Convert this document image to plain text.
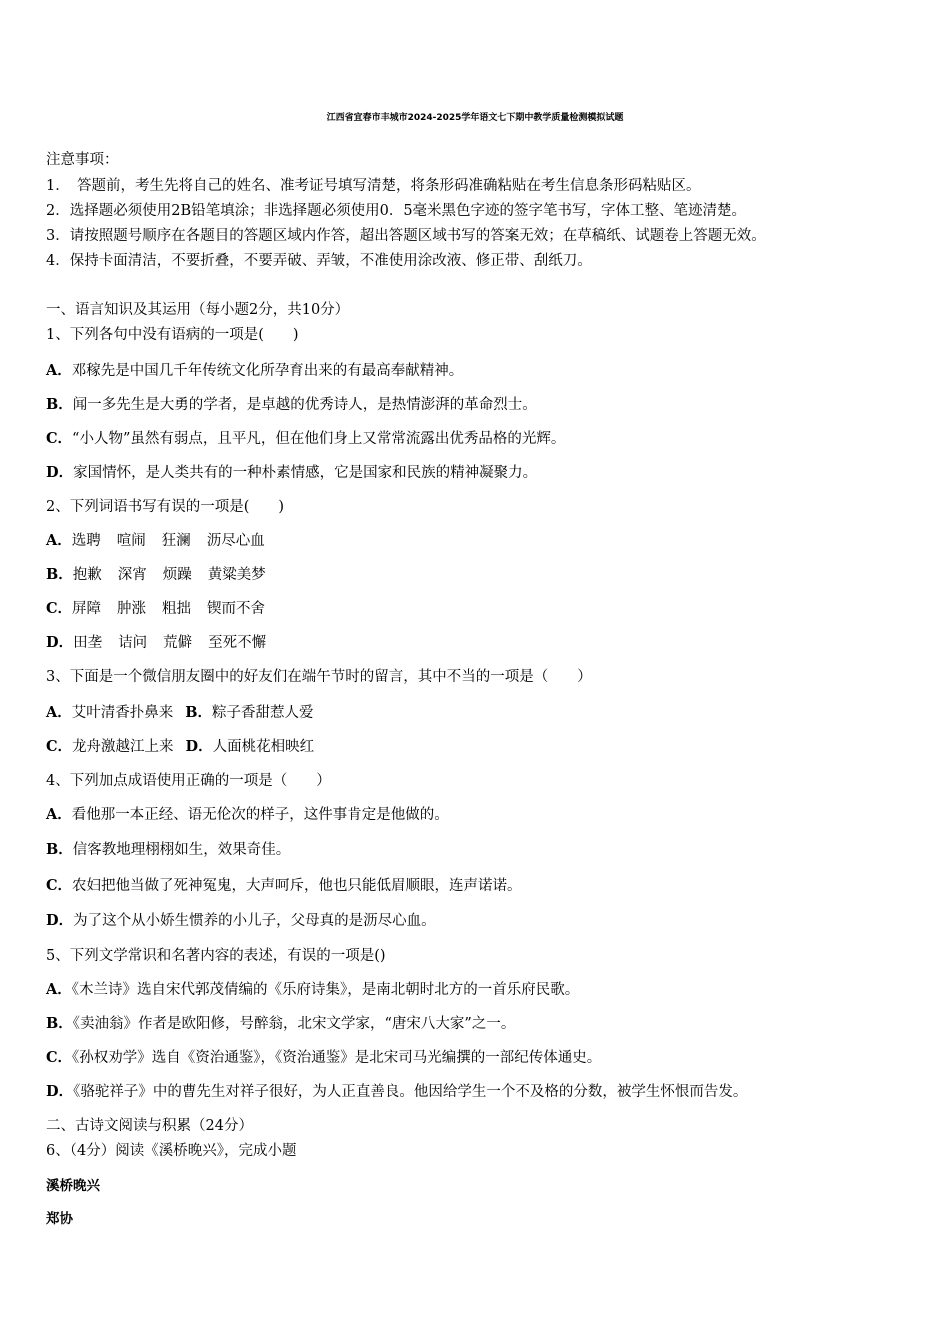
江西省宜春市丰城市2024-2025学年语文七下期中教学质量检测模拟试题
注意事项：
1．　答题前，考生先将自己的姓名、准考证号填写清楚，将条形码准确粘贴在考生信息条形码粘贴区。
2．选择题必须使用2B铅笔填涂；非选择题必须使用0．5毫米黑色字迹的签字笔书写，字体工整、笔迹清楚。
3．请按照题号顺序在各题目的答题区域内作答，超出答题区域书写的答案无效；在草稿纸、试题卷上答题无效。
4．保持卡面清洁，不要折叠，不要弄破、弄皱，不准使用涂改液、修正带、刮纸刀。
一、语言知识及其运用（每小题2分，共10分）
1、下列各句中没有语病的一项是(　　)
A．邓稼先是中国几千年传统文化所孕育出来的有最高奉献精神。
B．闻一多先生是大勇的学者，是卓越的优秀诗人，是热情澎湃的革命烈士。
C．“小人物”虽然有弱点，且平凡，但在他们身上又常常流露出优秀品格的光辉。
D．家国情怀，是人类共有的一种朴素情感，它是国家和民族的精神凝聚力。
2、下列词语书写有误的一项是(　　)
A．选聘 喧闹 狂澜 沥尽心血
B．抱歉 深宵 烦躁 黄粱美梦
C．屏障 肿涨 粗拙 锲而不舍
D．田垄 诘问 荒僻 至死不懈
3、下面是一个微信朋友圈中的好友们在端午节时的留言，其中不当的一项是（　　）
A．艾叶清香扑鼻来 B．粽子香甜惹人爱
C．龙舟激越江上来 D．人面桃花相映红
4、下列加点成语使用正确的一项是（　　）
A．看他那一本正经、语无伦次的样子，这件事肯定是他做的。
B．信客教地理栩栩如生，效果奇佳。
C．农妇把他当做了死神冤鬼，大声呵斥，他也只能低眉顺眼，连声诺诺。
D．为了这个从小娇生惯养的小儿子，父母真的是沥尽心血。
5、下列文学常识和名著内容的表述，有误的一项是()
A．《木兰诗》选自宋代郭茂倩编的《乐府诗集》，是南北朝时北方的一首乐府民歌。
B．《卖油翁》作者是欧阳修，号醉翁，北宋文学家，“唐宋八大家”之一。
C．《孙权劝学》选自《资治通鉴》，《资治通鉴》是北宋司马光编撰的一部纪传体通史。
D．《骆驼祥子》中的曹先生对祥子很好，为人正直善良。他因给学生一个不及格的分数，被学生怀恨而告发。
二、古诗文阅读与积累（24分）
6、（4分）阅读《溪桥晚兴》，完成小题
溪桥晚兴
郑协
